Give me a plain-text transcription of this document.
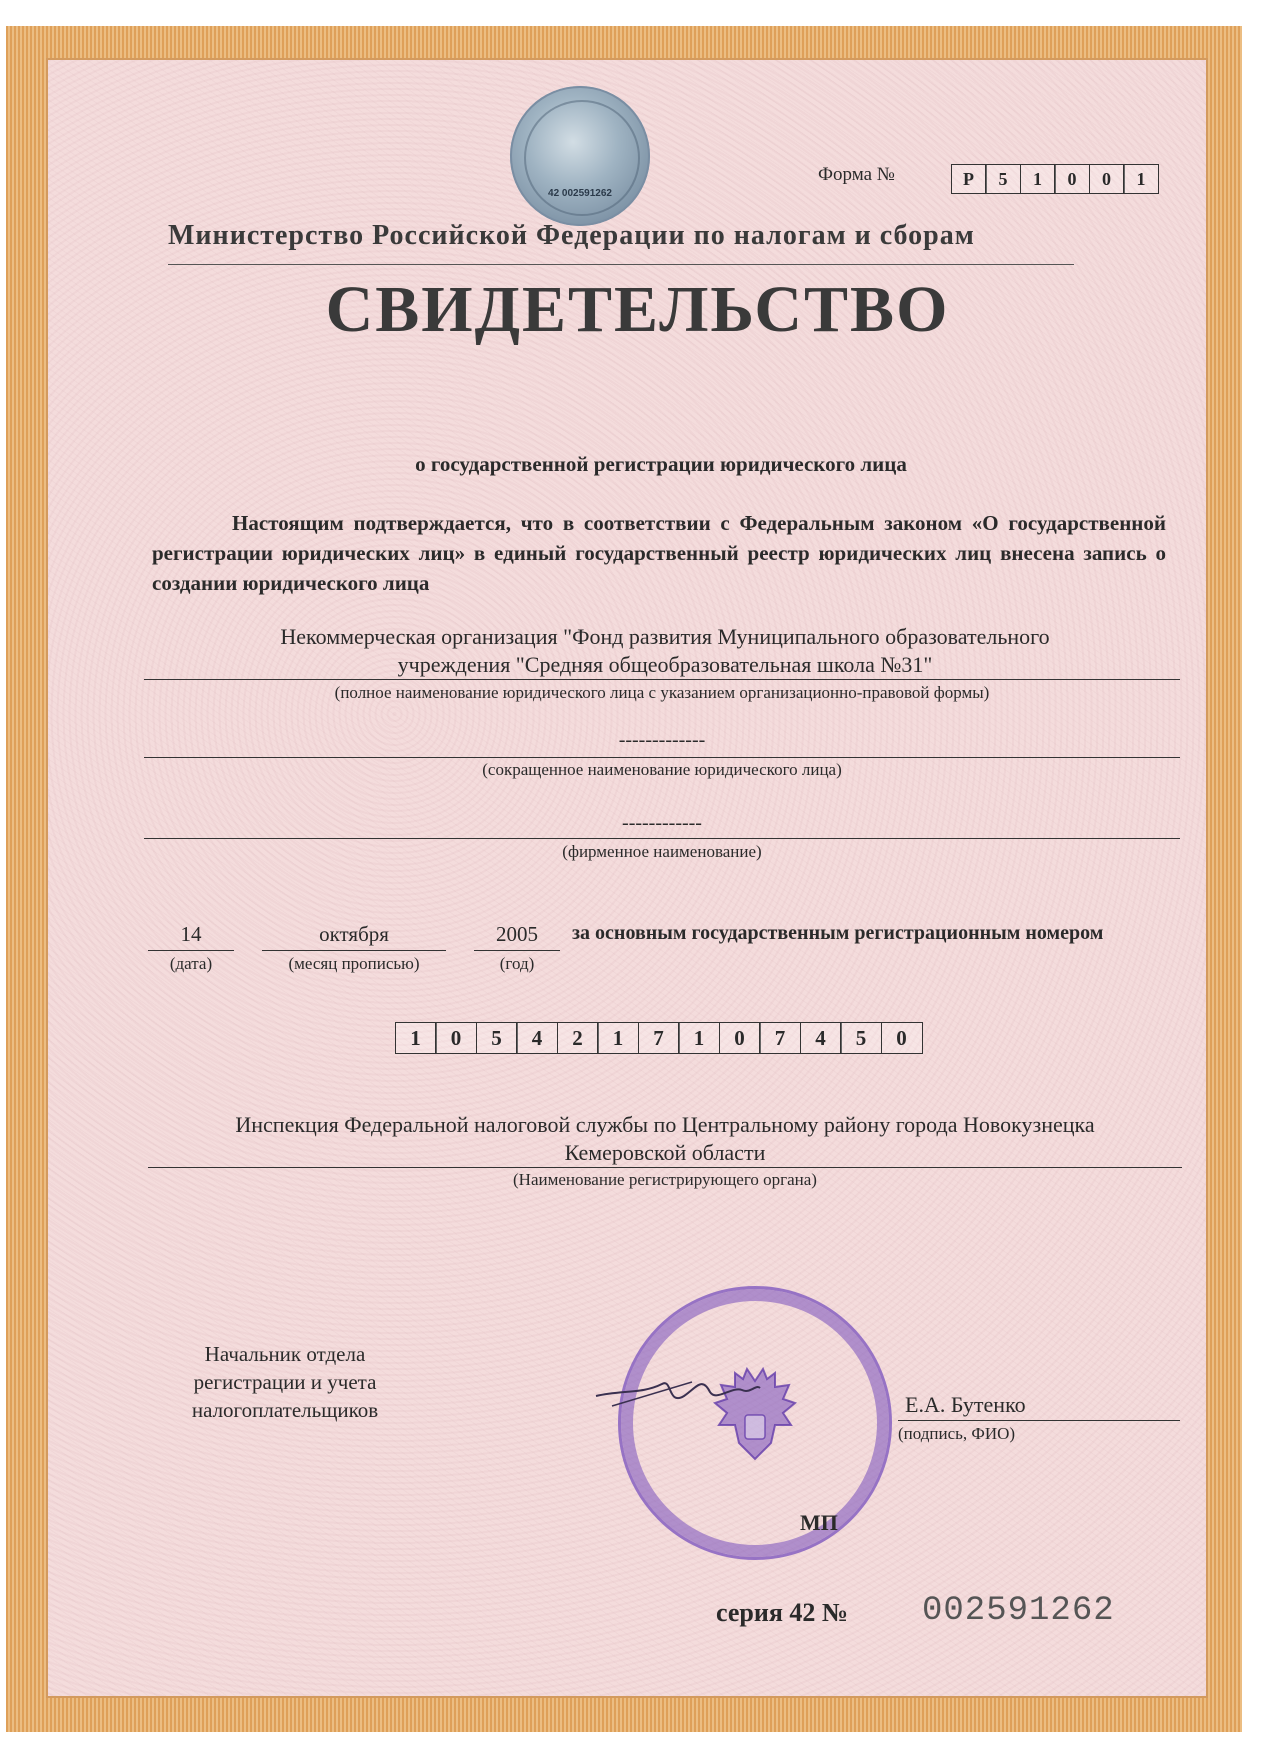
42 002591262
Форма №	Р	5	1	0	0	1
Министерство Российской Федерации по налогам и сборам
СВИДЕТЕЛЬСТВО
о государственной регистрации юридического лица
Настоящим подтверждается, что в соответствии с Федеральным законом «О государственной регистрации юридических лиц» в единый государственный реестр юридических лиц внесена запись о создании юридического лица
Некоммерческая организация "Фонд развития Муниципального образовательного
учреждения "Средняя общеобразовательная школа №31"
(полное наименование юридического лица с указанием организационно-правовой формы)
-------------
(сокращенное наименование юридического лица)
------------
(фирменное наименование)
14
(дата)
октября
(месяц прописью)
2005
(год)
за основным государственным регистрационным номером
1	0	5	4	2	1	7	1	0	7	4	5	0
Инспекция Федеральной налоговой службы по Центральному району города Новокузнецка
Кемеровской области
(Наименование регистрирующего органа)
Начальник отдела
регистрации и учета
налогоплательщиков	Е.А. Бутенко
(подпись, ФИО)
МП
серия 42 № 002591262
